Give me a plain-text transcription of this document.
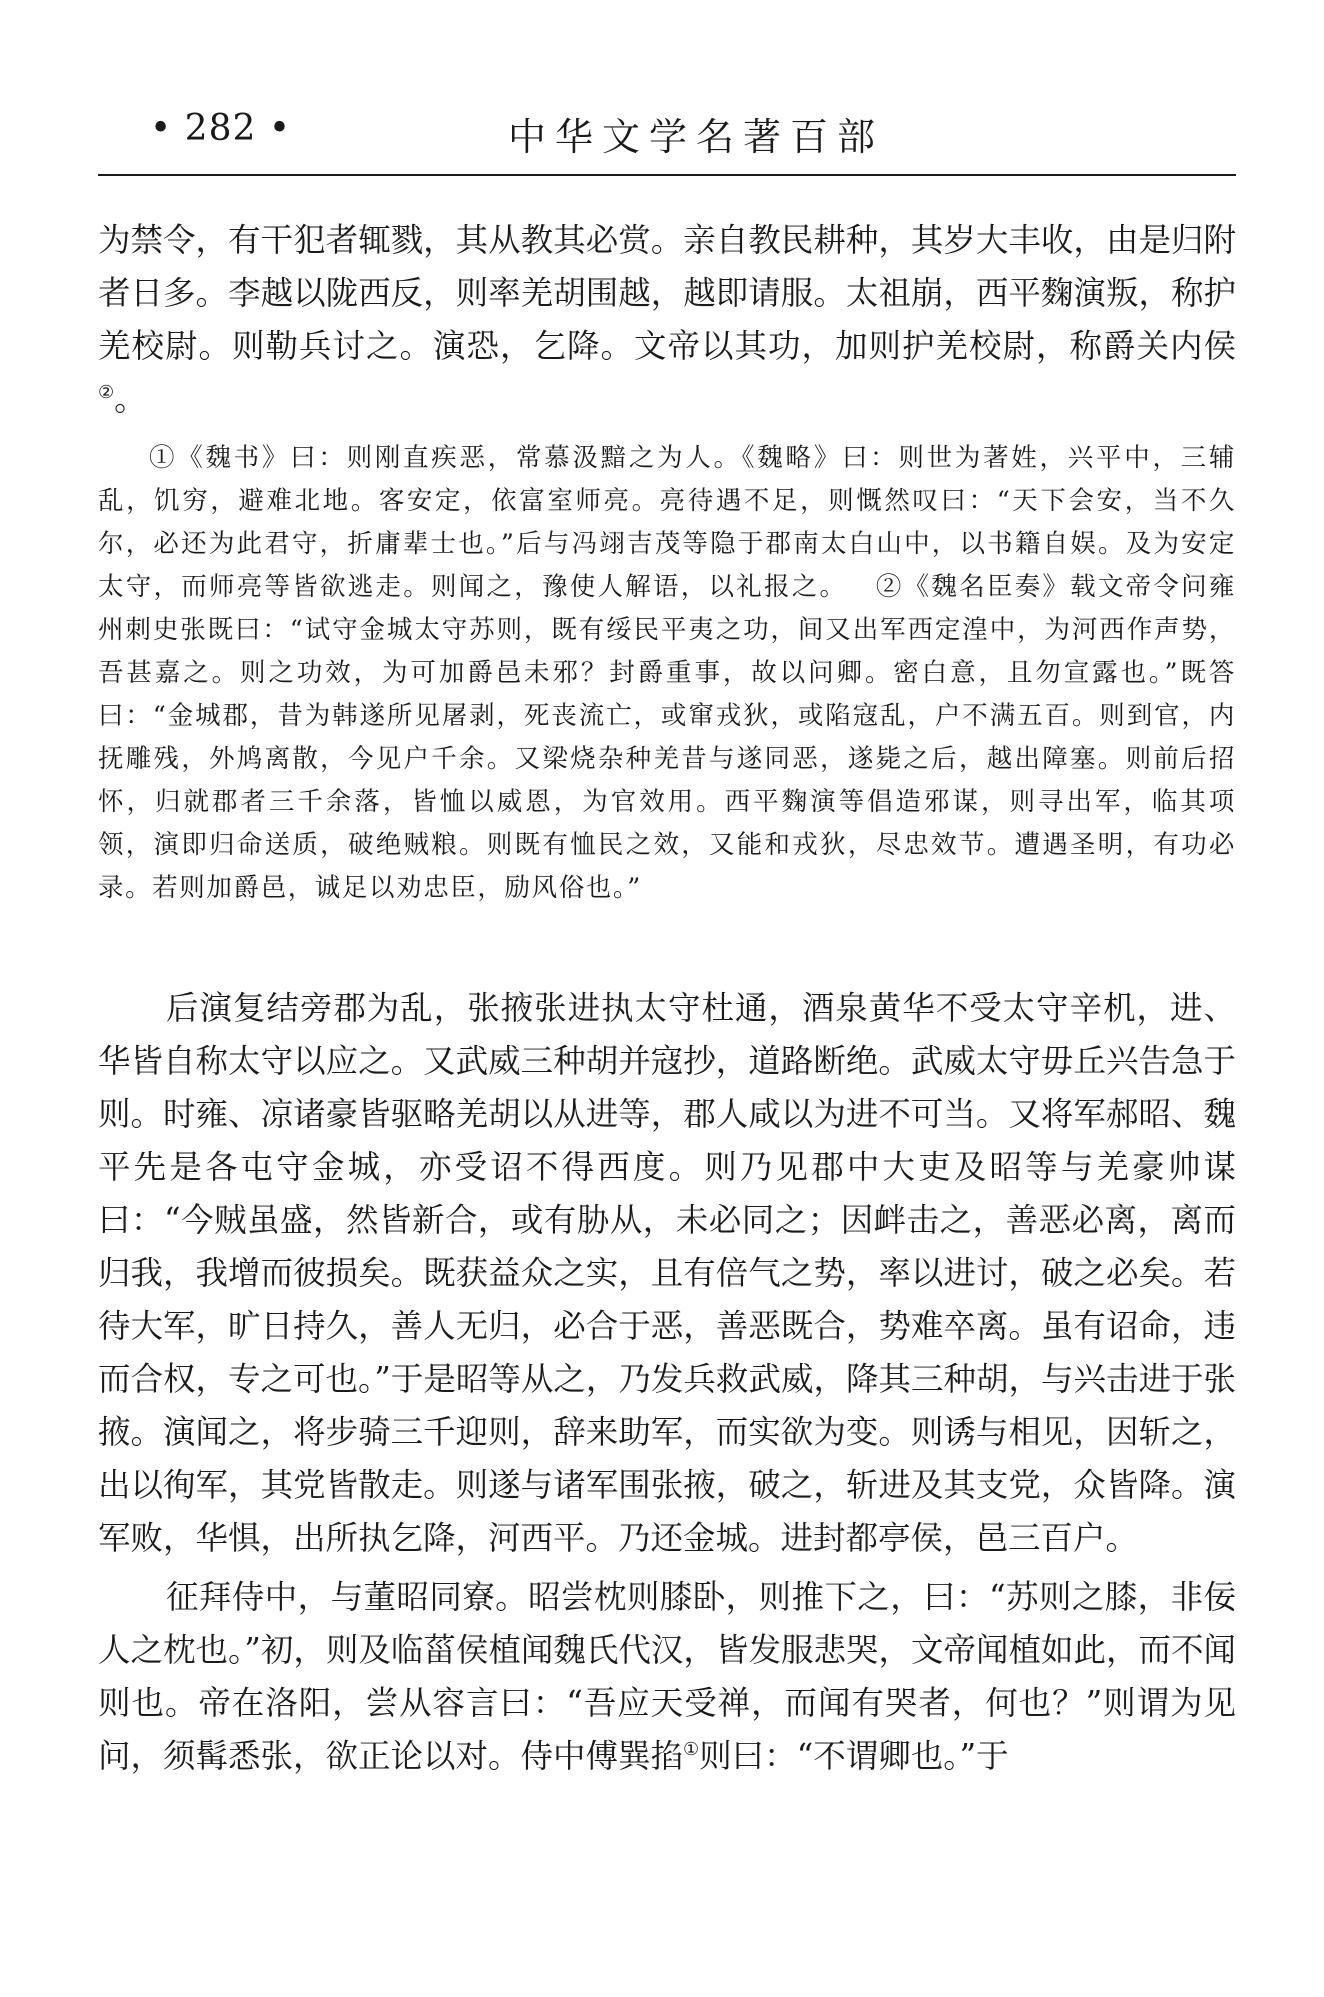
• 282 •	中华文学名著百部

为禁令，有干犯者辄戮，其从教其必赏。亲自教民耕种，其岁大丰收，由是归附者日多。李越以陇西反，则率羌胡围越，越即请服。太祖崩，西平麴演叛，称护羌校尉。则勒兵讨之。演恐，乞降。文帝以其功，加则护羌校尉，称爵关内侯②。

①《魏书》曰：则刚直疾恶，常慕汲黯之为人。《魏略》曰：则世为著姓，兴平中，三辅乱，饥穷，避难北地。客安定，依富室师亮。亮待遇不足，则慨然叹曰：“天下会安，当不久尔，必还为此君守，折庸辈士也。”后与冯翊吉茂等隐于郡南太白山中，以书籍自娱。及为安定太守，而师亮等皆欲逃走。则闻之，豫使人解语，以礼报之。 ②《魏名臣奏》载文帝令问雍州刺史张既曰：“试守金城太守苏则，既有绥民平夷之功，间又出军西定湟中，为河西作声势，吾甚嘉之。则之功效，为可加爵邑未邪？封爵重事，故以问卿。密白意，且勿宣露也。”既答曰：“金城郡，昔为韩遂所见屠剥，死丧流亡，或窜戎狄，或陷寇乱，户不满五百。则到官，内抚雕残，外鸠离散，今见户千余。又梁烧杂种羌昔与遂同恶，遂毙之后，越出障塞。则前后招怀，归就郡者三千余落，皆恤以威恩，为官效用。西平麴演等倡造邪谋，则寻出军，临其项领，演即归命送质，破绝贼粮。则既有恤民之效，又能和戎狄，尽忠效节。遭遇圣明，有功必录。若则加爵邑，诚足以劝忠臣，励风俗也。”

后演复结旁郡为乱，张掖张进执太守杜通，酒泉黄华不受太守辛机，进、华皆自称太守以应之。又武威三种胡并寇抄，道路断绝。武威太守毋丘兴告急于则。时雍、凉诸豪皆驱略羌胡以从进等，郡人咸以为进不可当。又将军郝昭、魏平先是各屯守金城，亦受诏不得西度。则乃见郡中大吏及昭等与羌豪帅谋曰：“今贼虽盛，然皆新合，或有胁从，未必同之；因衅击之，善恶必离，离而归我，我增而彼损矣。既获益众之实，且有倍气之势，率以进讨，破之必矣。若待大军，旷日持久，善人无归，必合于恶，善恶既合，势难卒离。虽有诏命，违而合权，专之可也。”于是昭等从之，乃发兵救武威，降其三种胡，与兴击进于张掖。演闻之，将步骑三千迎则，辞来助军，而实欲为变。则诱与相见，因斩之，出以徇军，其党皆散走。则遂与诸军围张掖，破之，斩进及其支党，众皆降。演军败，华惧，出所执乞降，河西平。乃还金城。进封都亭侯，邑三百户。

征拜侍中，与董昭同寮。昭尝枕则膝卧，则推下之，曰：“苏则之膝，非佞人之枕也。”初，则及临菑侯植闻魏氏代汉，皆发服悲哭，文帝闻植如此，而不闻则也。帝在洛阳，尝从容言曰：“吾应天受禅，而闻有哭者，何也？”则谓为见问，须髯悉张，欲正论以对。侍中傅巽掐①则曰：“不谓卿也。”于
